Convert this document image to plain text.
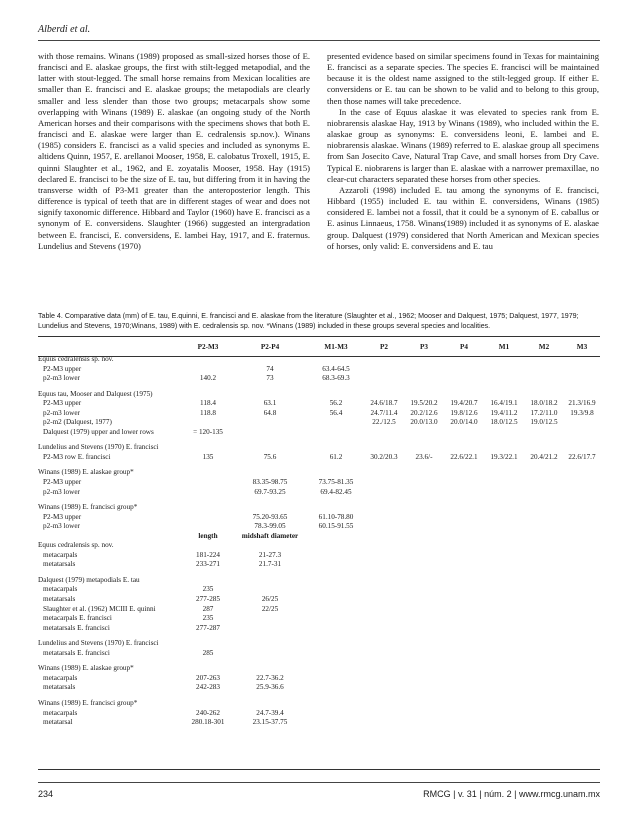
Alberdi et al.

with those remains. Winans (1989) proposed as small-sized horses those of E. francisci and E. alaskae groups, the first with stilt-legged metapodial, and the latter with stout-legged. The small horse remains from Mexican localities are smaller than E. francisci and E. alaskae groups; the metapodials are clearly smaller and less slender than those two groups; metacarpals show some overlapping with Winans (1989) E. alaskae (an ongoing study of the North American horses and their comparisons with the specimens shows that both E. francisci and E. alaskae were larger than E. cedralensis sp.nov.). Winans (1985) considers E. francisci as a valid species and included as synonyms E. altidens Quinn, 1957, E. arellanoi Mooser, 1958, E. calobatus Troxell, 1915, E. quinni Slaughter et al., 1962, and E. zoyatalis Mooser, 1958. Hay (1915) declared E. francisci to be the size of E. tau, but differing from it in having the transverse width of P3-M1 greater than the anteroposterior length. This difference is typical of teeth that are in different stages of wear and does not signify taxonomic difference. Hibbard and Taylor (1960) have E. francisci as a synonym of E. conversidens. Slaughter (1966) suggested an intergradation between E. francisci, E. conversidens, E. lambei Hay, 1917, and E. fraternus. Lundelius and Stevens (1970)

presented evidence based on similar specimens found in Texas for maintaining E. francisci as a separate species. The species E. francisci will be maintained because it is the oldest name assigned to the stilt-legged group. If either E. conversidens or E. tau can be shown to be valid and to belong to this group, then those names will take precedence.

In the case of Equus alaskae it was elevated to species rank from E. niobrarensis alaskae Hay, 1913 by Winans (1989), who included within the E. alaskae group as synonyms: E. conversidens leoni, E. lambei and E. niobrarensis alaskae. Winans (1989) referred to E. alaskae group all specimens from San Josecito Cave, Natural Trap Cave, and small horses from Dry Cave. Typical E. niobrarens is larger than E. alaskae with a narrower premaxillae, no clear-cut characters separated these horses from other species.

Azzaroli (1998) included E. tau among the synonyms of E. francisci, Hibbard (1955) included E. tau within E. conversidens, Winans (1985) considered E. lambei not a fossil, that it could be a synonym of E. caballus or E. asinus Linnaeus, 1758. Winans(1989) included it as synonyms of E. alaskae group. Dalquest (1979) considered that North American and Mexican species of horses, only valid: E. conversidens and E. tau

Table 4. Comparative data (mm) of E. tau, E.quinni, E. francisci and E. alaskae from the literature (Slaughter et al., 1962; Mooser and Dalquest, 1975; Dalquest, 1977, 1979; Lundelius and Stevens, 1970;Winans, 1989) with E. cedralensis sp. nov. *Winans (1989) included in these groups several species and localities.
	P2-M3	P2-P4	M1-M3	P2	P3	P4	M1	M2	M3
Equus cedralensis sp. nov.									
P2-M3 upper		74	63.4-64.5						
p2-m3 lower	140.2	73	68.3-69.3						

Equus tau, Mooser and Dalquest (1975)									
P2-M3 upper	118.4	63.1	56.2	24.6/18.7	19.5/20.2	19.4/20.7	16.4/19.1	18.0/18.2	21.3/16.9
p2-m3 lower	118.8	64.8	56.4	24.7/11.4	20.2/12.6	19.8/12.6	19.4/11.2	17.2/11.0	19.3/9.8
p2-m2 (Dalquest, 1977)				22./12.5	20.0/13.0	20.0/14.0	18.0/12.5	19.0/12.5	
Dalquest (1979) upper and lower rows	= 120-135								

Lundelius and Stevens (1970) E. francisci									
P2-M3 row E. francisci	135	75.6	61.2	30.2/20.3	23.6/-	22.6/22.1	19.3/22.1	20.4/21.2	22.6/17.7

Winans (1989) E. alaskae group*									
P2-M3 upper		83.35-98.75	73.75-81.35						
p2-m3 lower		69.7-93.25	69.4-82.45						

Winans (1989) E. francisci group*									
P2-M3 upper		75.20-93.65	61.10-78.80						
p2-m3 lower		78.3-99.05	60.15-91.55						
	length	midshaft diameter							
Equus cedralensis sp. nov.									
metacarpals	181-224	21-27.3							
metatarsals	233-271	21.7-31							

Dalquest (1979) metapodials E. tau									
metacarpals	235								
metatarsals	277-285	26/25							
Slaughter et al. (1962) MCIII E. quinni	287	22/25							
metacarpals E. francisci	235								
metatarsals E. francisci	277-287								

Lundelius and Stevens (1970) E. francisci									
metatarsals E. francisci	285								

Winans (1989) E. alaskae group*									
metacarpals	207-263	22.7-36.2							
metatarsals	242-283	25.9-36.6							

Winans (1989) E. francisci group*									
metacarpals	240-262	24.7-39.4							
metatarsal	280.18-301	23.15-37.75							
234	RMCG | v. 31 | núm. 2 | www.rmcg.unam.mx
